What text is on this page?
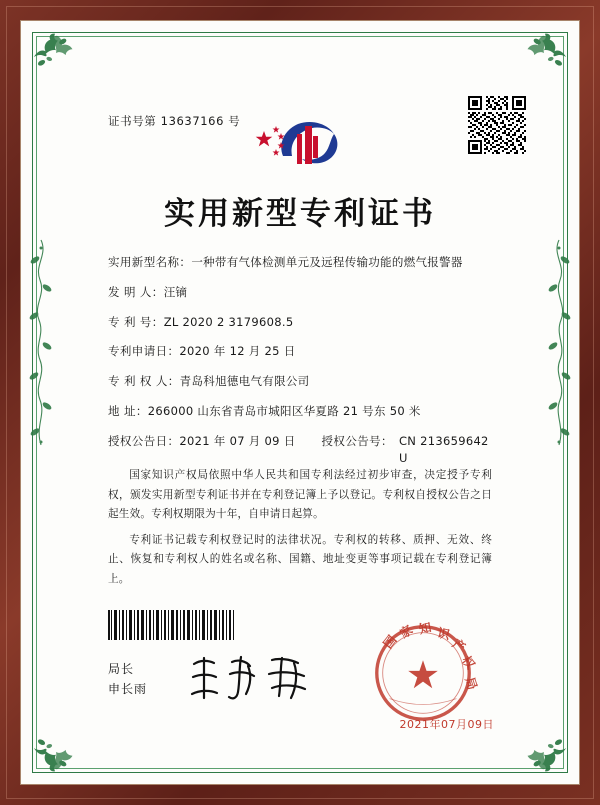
证书号第 13637166 号
实用新型专利证书
实用新型名称： 一种带有气体检测单元及远程传输功能的燃气报警器
发 明 人： 汪镝
专 利 号： ZL 2020 2 3179608.5
专利申请日： 2020 年 12 月 25 日
专 利 权 人： 青岛科旭德电气有限公司
地 址： 266000 山东省青岛市城阳区华夏路 21 号东 50 米
授权公告日： 2021 年 07 月 09 日 授权公告号： CN 213659642 U

国家知识产权局依照中华人民共和国专利法经过初步审查，决定授予专利权，颁发实用新型专利证书并在专利登记簿上予以登记。专利权自授权公告之日起生效。专利权期限为十年，自申请日起算。

专利证书记载专利权登记时的法律状况。专利权的转移、质押、无效、终止、恢复和专利权人的姓名或名称、国籍、地址变更等事项记载在专利登记簿上。

局长
申长雨
国
家 知 识
产
权
局
2021年07月09日
